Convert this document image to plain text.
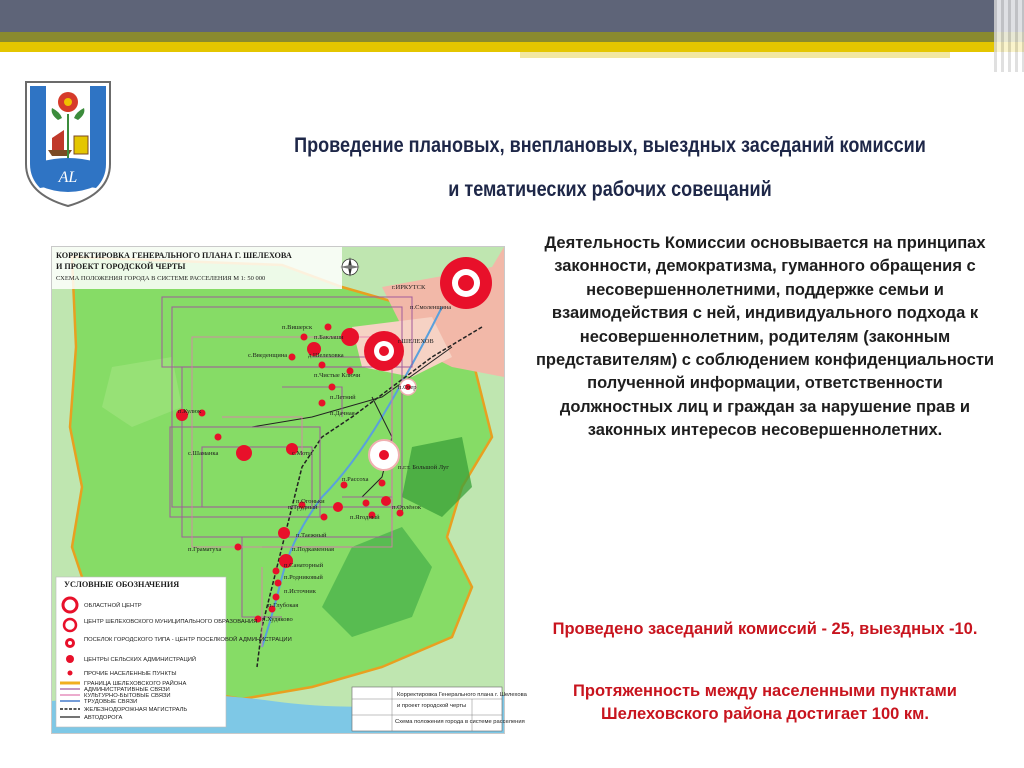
AL
Проведение плановых, внеплановых, выездных заседаний комиссии
и тематических рабочих совещаний
КОРРЕКТИРОВКА ГЕНЕРАЛЬНОГО ПЛАНА Г. ШЕЛЕХОВА
И ПРОЕКТ ГОРОДСКОЙ ЧЕРТЫ
СХЕМА ПОЛОЖЕНИЯ ГОРОДА В СИСТЕМЕ РАССЕЛЕНИЯ М 1: 50 000
г.ИРКУТСК
п.Смоленщина
г.ШЕЛЕХОВ
п.Вишерск
п.Баклаши
с.Введенщина	д.Шелеховка
п.Чистые Ключи
п.Озер
п.Летний
п.Дачная
п.Кулюк
с.Шаманка	с.Моты
п.г.т. Большой Луг
п.Рассоха
п.Огоньки
п.Трудный	п.Орлёнок
п.Ягодный
п.Таежный
п.Граматуха	п.Подкаменная
п.Санаторный
п.Родниковый
п.Источник
п.Глубокая
п.Худяково
УСЛОВНЫЕ ОБОЗНАЧЕНИЯ
ОБЛАСТНОЙ ЦЕНТР
ЦЕНТР ШЕЛЕХОВСКОГО МУНИЦИПАЛЬНОГО ОБРАЗОВАНИЯ
ПОСЕЛОК ГОРОДСКОГО ТИПА - ЦЕНТР ПОСЕЛКОВОЙ АДМИНИСТРАЦИИ
ЦЕНТРЫ СЕЛЬСКИХ АДМИНИСТРАЦИЙ
ПРОЧИЕ НАСЕЛЕННЫЕ ПУНКТЫ
ГРАНИЦА ШЕЛЕХОВСКОГО РАЙОНА
АДМИНИСТРАТИВНЫЕ СВЯЗИ
КУЛЬТУРНО-БЫТОВЫЕ СВЯЗИ
ТРУДОВЫЕ СВЯЗИ
ЖЕЛЕЗНОДОРОЖНАЯ МАГИСТРАЛЬ
АВТОДОРОГА
Корректировка Генерального плана г. Шелехова
и проект городской черты
Схема положения города в системе расселения

Деятельность Комиссии основывается на принципах законности, демократизма, гуманного обращения с несовершеннолетними, поддержке семьи и взаимодействия с ней, индивидуального подхода к несовершеннолетним, родителям (законным представителям) с соблюдением конфиденциальности полученной информации, ответственности должностных лиц и граждан за нарушение прав и законных интересов несовершеннолетних.

Проведено заседаний комиссий - 25, выездных -10.

Протяженность между населенными пунктами Шелеховского района достигает 100 км.
